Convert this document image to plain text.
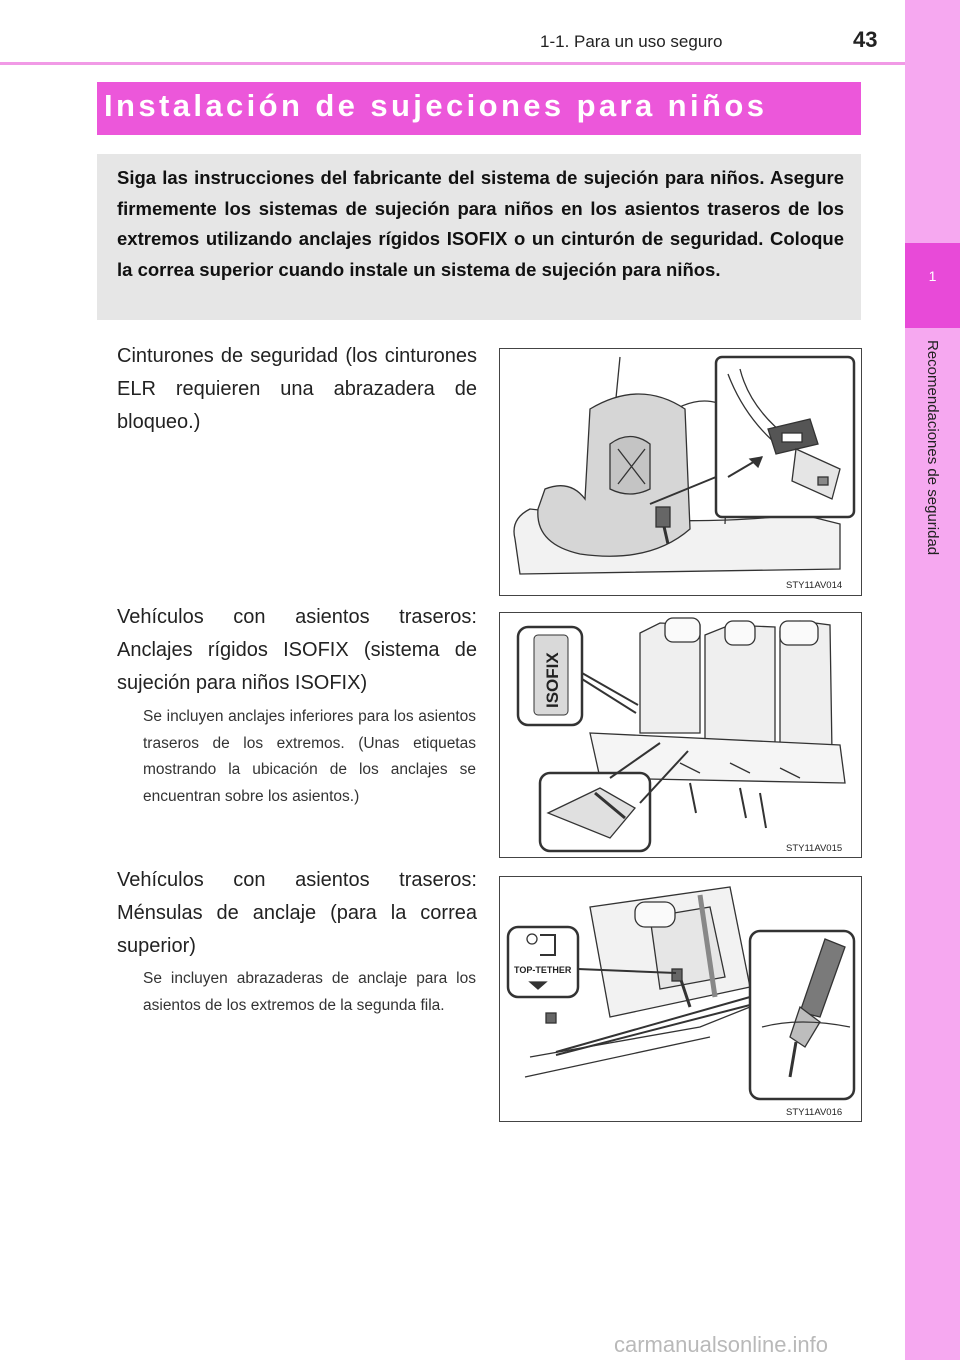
1-1. Para un uso seguro	43
1
Recomendaciones de seguridad
Instalación de sujeciones para niños
Siga las instrucciones del fabricante del sistema de sujeción para niños. Asegure firmemente los sistemas de sujeción para niños en los asientos traseros de los extremos utilizando anclajes rígidos ISOFIX o un cinturón de seguridad. Coloque la correa superior cuando instale un sistema de sujeción para niños.
Cinturones de seguridad (los cinturones ELR requieren una abrazadera de bloqueo.)
STY11AV014
Vehículos con asientos traseros: Anclajes rígidos ISOFIX (sistema de sujeción para niños ISOFIX)
Se incluyen anclajes inferiores para los asientos traseros de los extremos. (Unas etiquetas mostrando la ubicación de los anclajes se encuentran sobre los asientos.)
ISOFIX
STY11AV015
Vehículos con asientos traseros: Ménsulas de anclaje (para la correa superior)
Se incluyen abrazaderas de anclaje para los asientos de los extremos de la segunda fila.
TOP-TETHER
STY11AV016
carmanualsonline.info
